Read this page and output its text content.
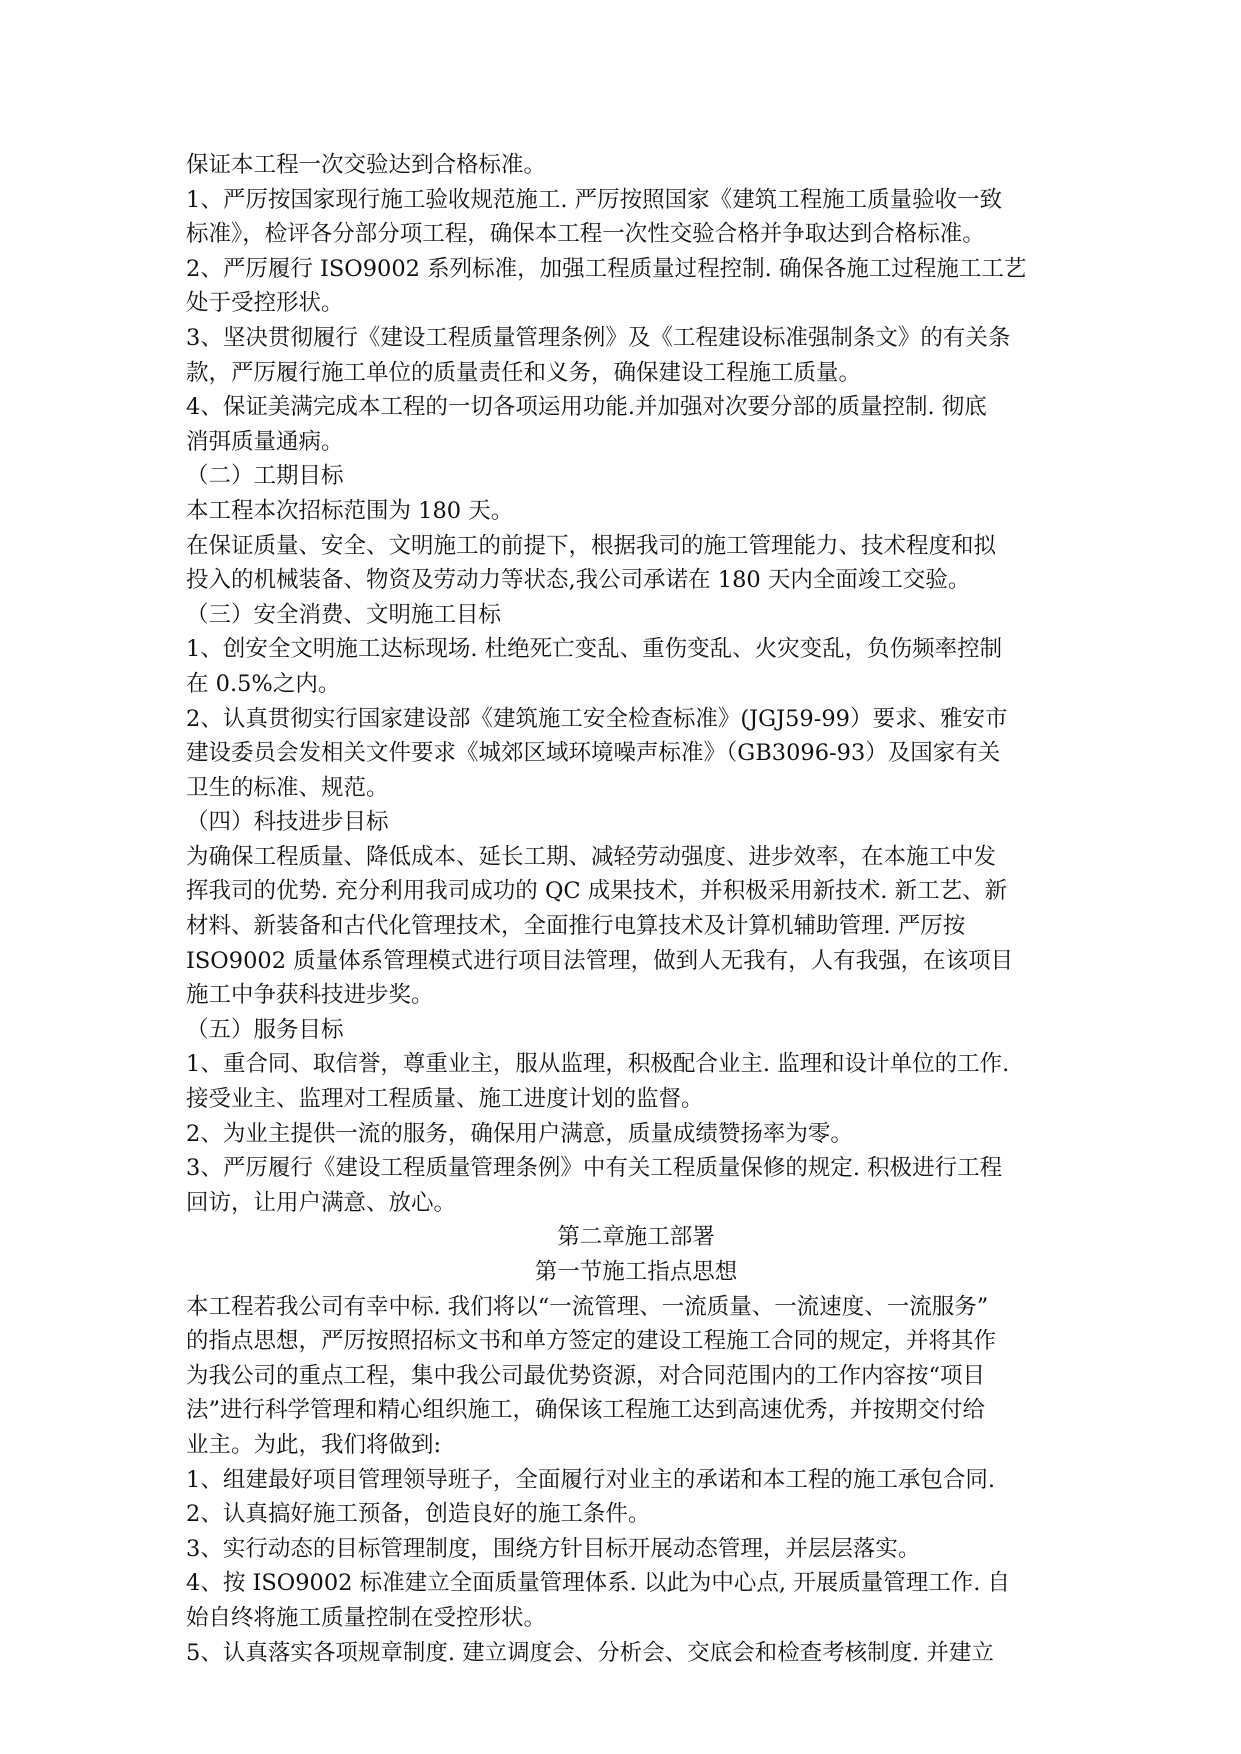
保证本工程一次交验达到合格标准。
1、严厉按国家现行施工验收规范施工. 严厉按照国家《建筑工程施工质量验收一致
标准》，检评各分部分项工程，确保本工程一次性交验合格并争取达到合格标准。
2、严厉履行 ISO9002 系列标准，加强工程质量过程控制. 确保各施工过程施工工艺
处于受控形状。
3、坚决贯彻履行《建设工程质量管理条例》及《工程建设标准强制条文》的有关条
款，严厉履行施工单位的质量责任和义务，确保建设工程施工质量。
4、保证美满完成本工程的一切各项运用功能.并加强对次要分部的质量控制. 彻底
消弭质量通病。
（二）工期目标
本工程本次招标范围为 180 天。
在保证质量、安全、文明施工的前提下，根据我司的施工管理能力、技术程度和拟
投入的机械装备、物资及劳动力等状态,我公司承诺在 180 天内全面竣工交验。
（三）安全消费、文明施工目标
1、创安全文明施工达标现场. 杜绝死亡变乱、重伤变乱、火灾变乱，负伤频率控制
在 0.5%之内。
2、认真贯彻实行国家建设部《建筑施工安全检查标准》(JGJ59-99）要求、雅安市
建设委员会发相关文件要求《城郊区域环境噪声标准》（GB3096-93）及国家有关
卫生的标准、规范。
（四）科技进步目标
为确保工程质量、降低成本、延长工期、减轻劳动强度、进步效率，在本施工中发
挥我司的优势. 充分利用我司成功的 QC 成果技术，并积极采用新技术. 新工艺、新
材料、新装备和古代化管理技术，全面推行电算技术及计算机辅助管理. 严厉按
ISO9002 质量体系管理模式进行项目法管理，做到人无我有，人有我强，在该项目
施工中争获科技进步奖。
（五）服务目标
1、重合同、取信誉，尊重业主，服从监理，积极配合业主. 监理和设计单位的工作.
接受业主、监理对工程质量、施工进度计划的监督。
2、为业主提供一流的服务，确保用户满意，质量成绩赞扬率为零。
3、严厉履行《建设工程质量管理条例》中有关工程质量保修的规定. 积极进行工程
回访，让用户满意、放心。
第二章施工部署
第一节施工指点思想
本工程若我公司有幸中标. 我们将以“一流管理、一流质量、一流速度、一流服务”
的指点思想，严厉按照招标文书和单方签定的建设工程施工合同的规定，并将其作
为我公司的重点工程，集中我公司最优势资源，对合同范围内的工作内容按“项目
法”进行科学管理和精心组织施工，确保该工程施工达到高速优秀，并按期交付给
业主。为此，我们将做到:
1、组建最好项目管理领导班子，全面履行对业主的承诺和本工程的施工承包合同.
2、认真搞好施工预备，创造良好的施工条件。
3、实行动态的目标管理制度，围绕方针目标开展动态管理，并层层落实。
4、按 ISO9002 标准建立全面质量管理体系. 以此为中心点, 开展质量管理工作. 自
始自终将施工质量控制在受控形状。
5、认真落实各项规章制度. 建立调度会、分析会、交底会和检查考核制度. 并建立
